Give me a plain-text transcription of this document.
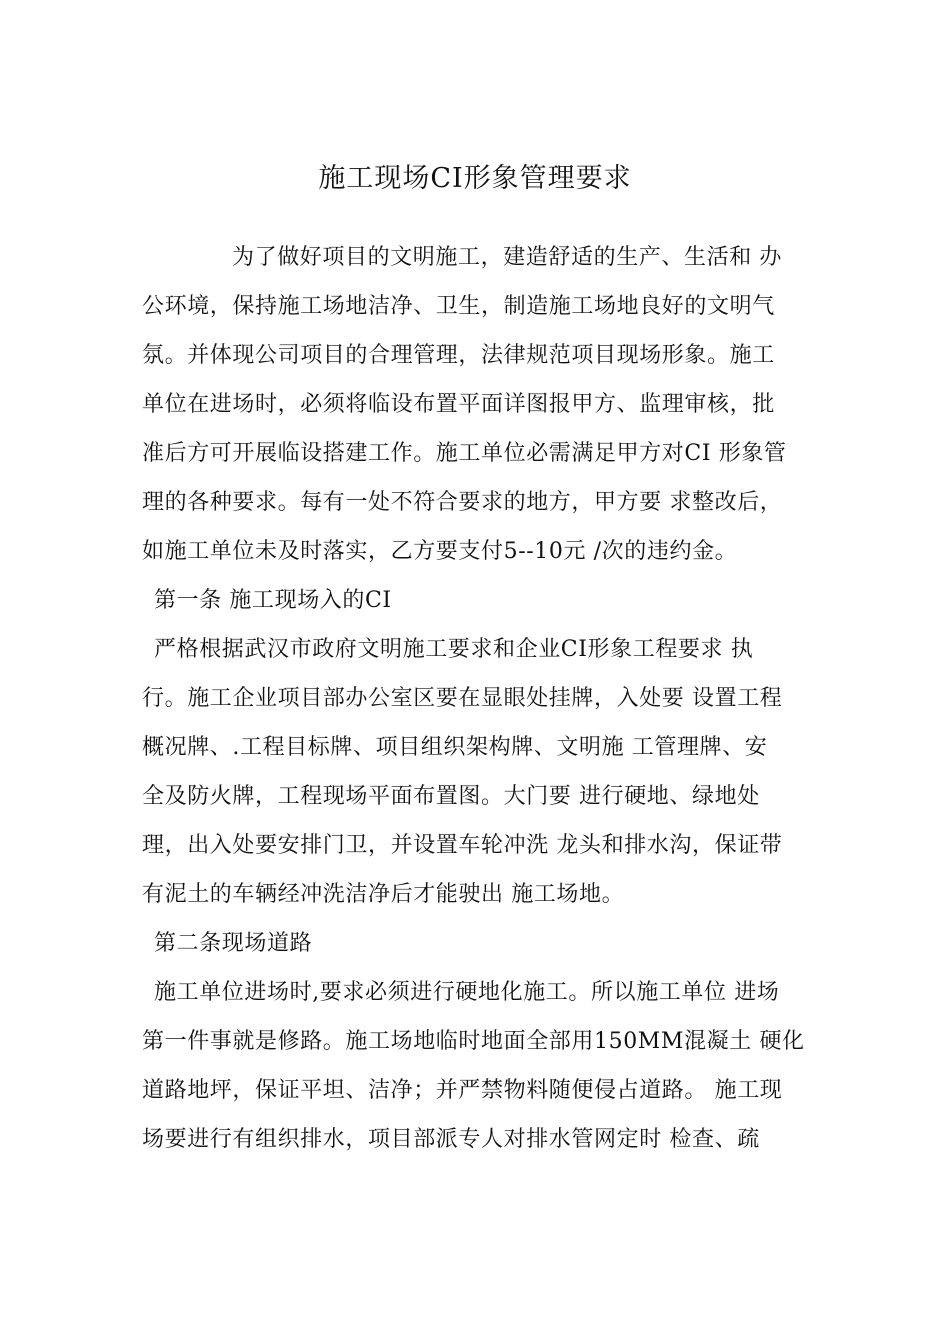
施工现场CI形象管理要求
为了做好项目的文明施工，建造舒适的生产、生活和 办
公环境，保持施工场地洁净、卫生，制造施工场地良好的文明气
氛。并体现公司项目的合理管理，法律规范项目现场形象。施工
单位在进场时，必须将临设布置平面详图报甲方、监理审核，批
准后方可开展临设搭建工作。施工单位必需满足甲方对CI 形象管
理的各种要求。每有一处不符合要求的地方，甲方要 求整改后，
如施工单位未及时落实，乙方要支付5--10元 /次的违约金。
第一条 施工现场入的CI
严格根据武汉市政府文明施工要求和企业CI形象工程要求 执
行。施工企业项目部办公室区要在显眼处挂牌，入处要 设置工程
概况牌、.工程目标牌、项目组织架构牌、文明施 工管理牌、安
全及防火牌，工程现场平面布置图。大门要 进行硬地、绿地处
理，出入处要安排门卫，并设置车轮冲洗 龙头和排水沟，保证带
有泥土的车辆经冲洗洁净后才能驶出 施工场地。
第二条现场道路
施工单位进场时,要求必须进行硬地化施工。所以施工单位 进场
第一件事就是修路。施工场地临时地面全部用150MM混凝土 硬化
道路地坪，保证平坦、洁净；并严禁物料随便侵占道路。 施工现
场要进行有组织排水，项目部派专人对排水管网定时 检查、疏
